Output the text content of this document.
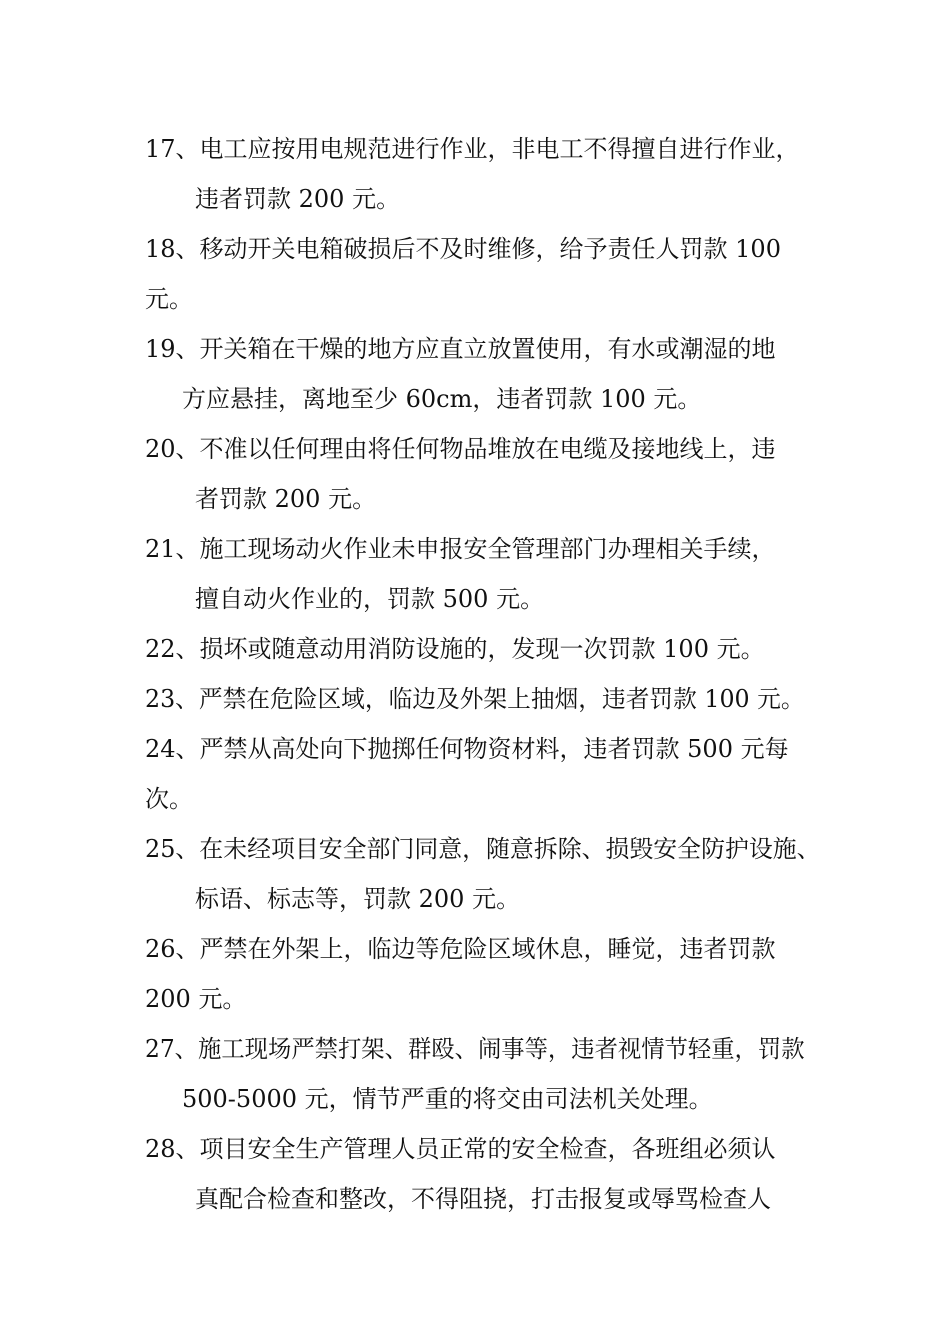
17、电工应按用电规范进行作业，非电工不得擅自进行作业，
违者罚款 200 元。
18、移动开关电箱破损后不及时维修，给予责任人罚款 100
元。
19、开关箱在干燥的地方应直立放置使用，有水或潮湿的地
方应悬挂，离地至少 60cm，违者罚款 100 元。
20、不准以任何理由将任何物品堆放在电缆及接地线上，违
者罚款 200 元。
21、施工现场动火作业未申报安全管理部门办理相关手续，
擅自动火作业的，罚款 500 元。
22、损坏或随意动用消防设施的，发现一次罚款 100 元。
23、严禁在危险区域，临边及外架上抽烟，违者罚款 100 元。
24、严禁从高处向下抛掷任何物资材料，违者罚款 500 元每
次。
25、在未经项目安全部门同意，随意拆除、损毁安全防护设施、
标语、标志等，罚款 200 元。
26、严禁在外架上，临边等危险区域休息，睡觉，违者罚款
200 元。
27、施工现场严禁打架、群殴、闹事等，违者视情节轻重，罚款
500-5000 元，情节严重的将交由司法机关处理。
28、项目安全生产管理人员正常的安全检查，各班组必须认
真配合检查和整改，不得阻挠，打击报复或辱骂检查人
